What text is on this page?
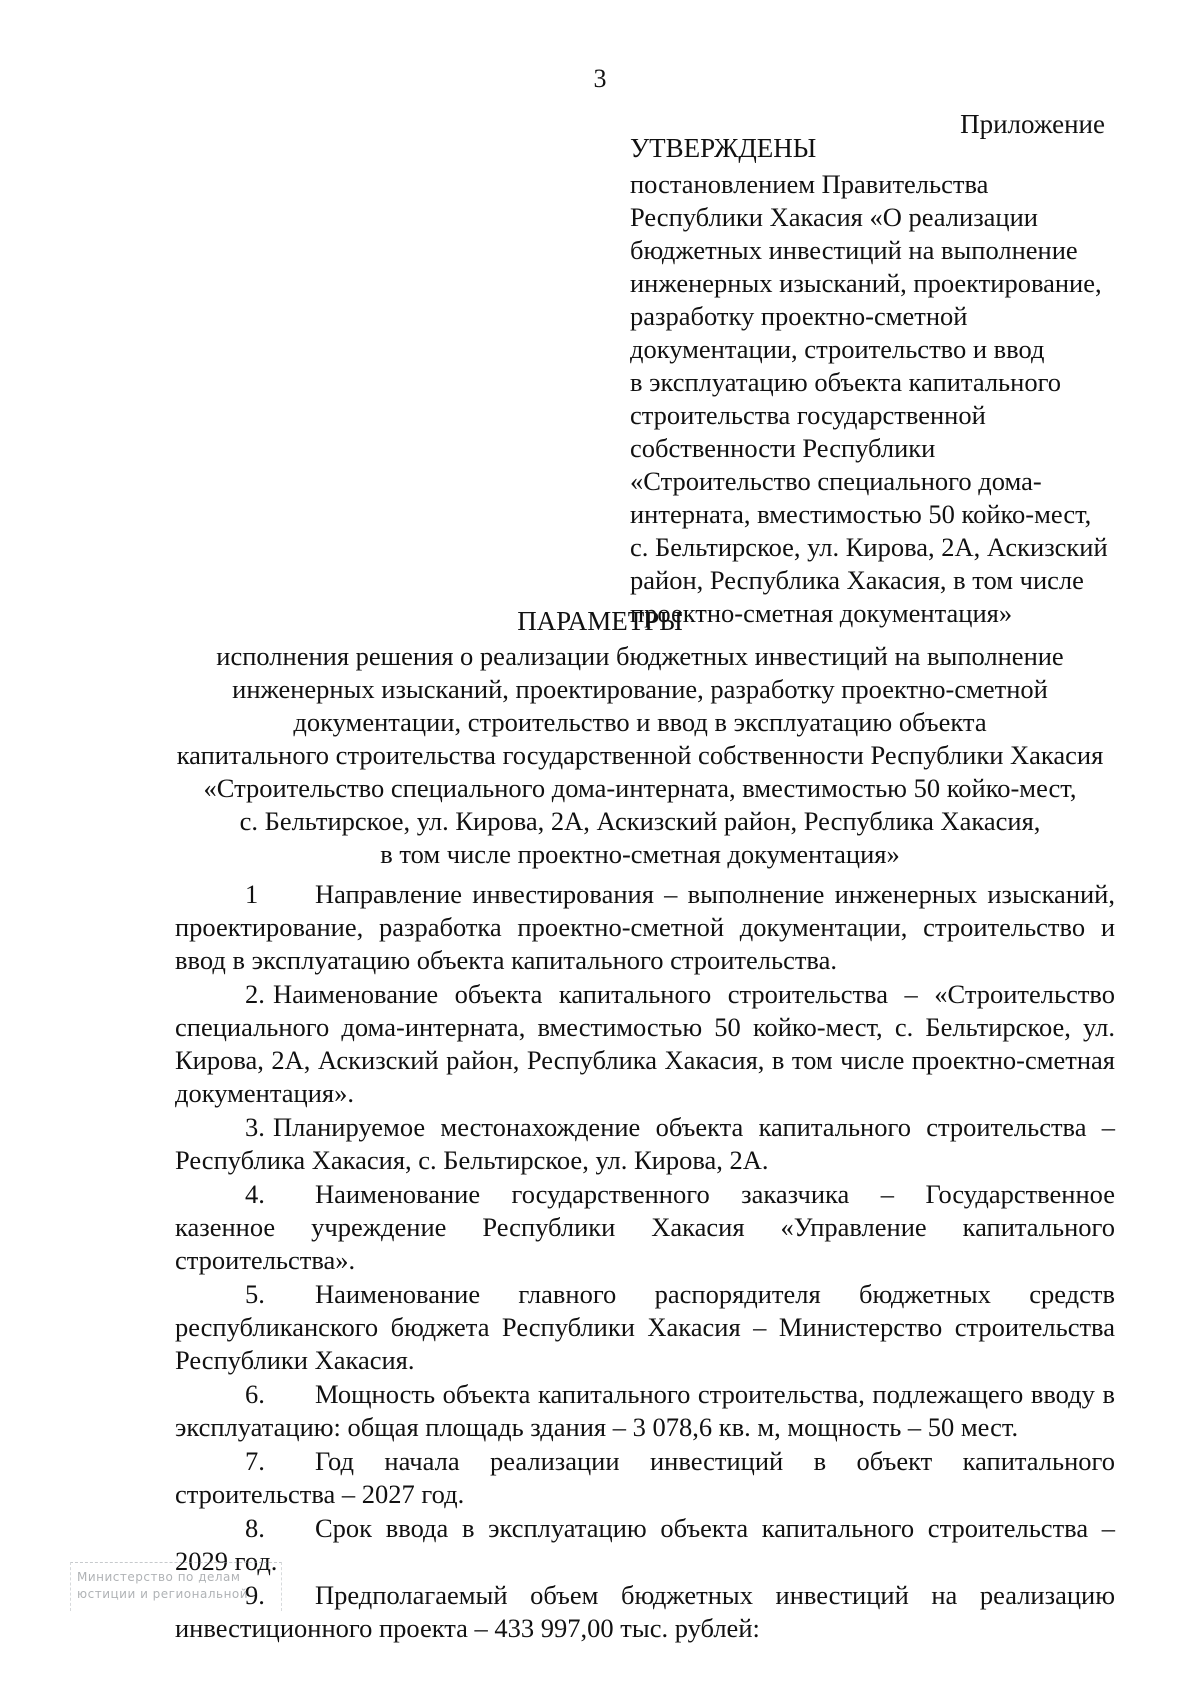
3
Приложение
УТВЕРЖДЕНЫ
постановлением Правительства
Республики Хакасия «О реализации
бюджетных инвестиций на выполнение
инженерных изысканий, проектирование,
разработку проектно-сметной
документации, строительство и ввод
в эксплуатацию объекта капитального
строительства государственной
собственности Республики
«Строительство специального дома-
интерната, вместимостью 50 койко-мест,
с. Бельтирское, ул. Кирова, 2А, Аскизский
район, Республика Хакасия, в том числе
проектно-сметная документация»
ПАРАМЕТРЫ
исполнения решения о реализации бюджетных инвестиций на выполнение
инженерных изысканий, проектирование, разработку проектно-сметной
документации, строительство и ввод в эксплуатацию объекта
капитального строительства государственной собственности Республики Хакасия
«Строительство специального дома-интерната, вместимостью 50 койко-мест,
с. Бельтирское, ул. Кирова, 2А, Аскизский район, Республика Хакасия,
в том числе проектно-сметная документация»

1 Направление инвестирования – выполнение инженерных изысканий, проектирование, разработка проектно-сметной документации, строительство и ввод в эксплуатацию объекта капитального строительства.

2. Наименование объекта капитального строительства – «Строительство специального дома-интерната, вместимостью 50 койко-мест, с. Бельтирское, ул. Кирова, 2А, Аскизский район, Республика Хакасия, в том числе проектно-сметная документация».

3. Планируемое местонахождение объекта капитального строительства – Республика Хакасия, с. Бельтирское, ул. Кирова, 2А.

4. Наименование государственного заказчика – Государственное казенное учреждение Республики Хакасия «Управление капитального строительства».

5. Наименование главного распорядителя бюджетных средств республиканского бюджета Республики Хакасия – Министерство строительства Республики Хакасия.

6. Мощность объекта капитального строительства, подлежащего вводу в эксплуатацию: общая площадь здания – 3 078,6 кв. м, мощность – 50 мест.

7. Год начала реализации инвестиций в объект капитального строительства – 2027 год.

8. Срок ввода в эксплуатацию объекта капитального строительства – 2029 год.

9. Предполагаемый объем бюджетных инвестиций на реализацию инвестиционного проекта – 433 997,00 тыс. рублей:

Министерство по делам
юстиции и региональной
